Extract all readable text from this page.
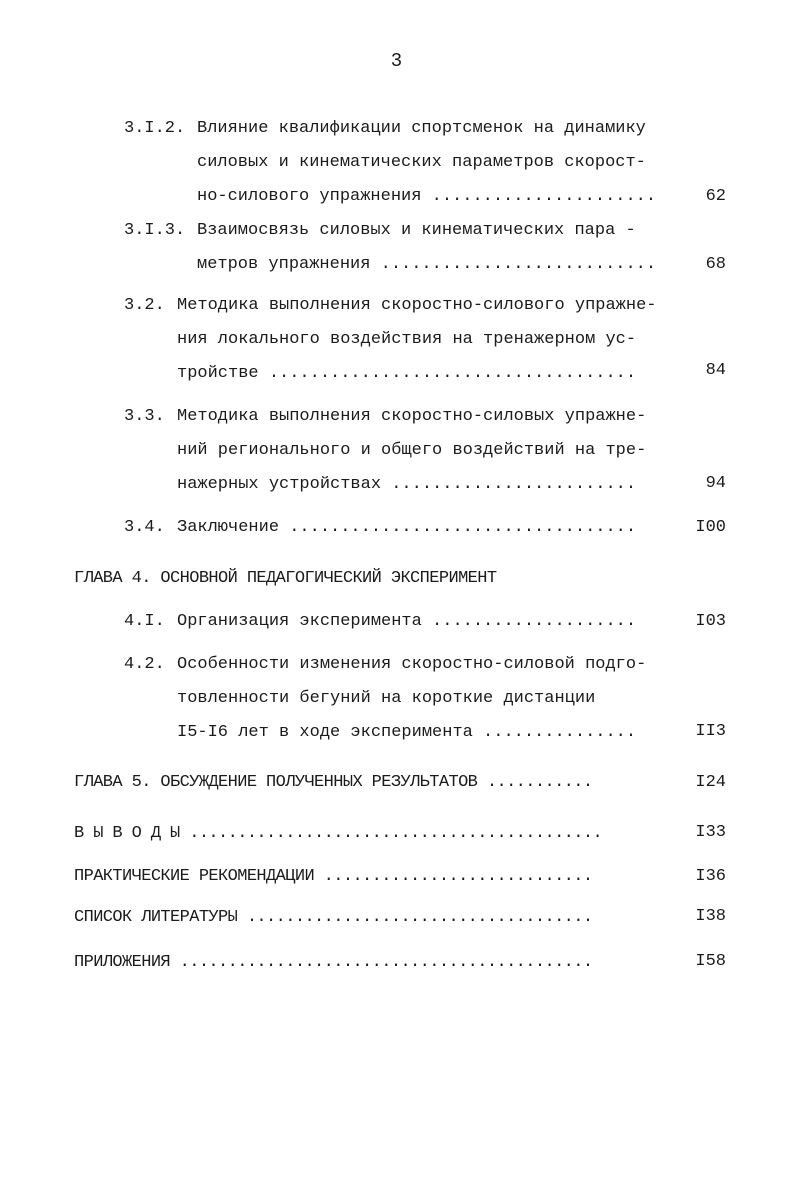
3
3.I.2. Влияние квалификации спортсменок на динамику
силовых и кинематических параметров скорост-
но-силового упражнения ......................	62
3.I.3. Взаимосвязь силовых и кинематических пара -
метров упражнения ...........................	68
3.2. Методика выполнения скоростно-силового упражне-
ния локального воздействия на тренажерном ус-
тройстве ....................................	84
3.3. Методика выполнения скоростно-силовых упражне-
ний регионального и общего воздействий на тре-
нажерных устройствах ........................	94
3.4. Заключение ..................................	I00
ГЛАВА 4. ОСНОВНОЙ ПЕДАГОГИЧЕСКИЙ ЭКСПЕРИМЕНТ
4.I. Организация эксперимента ....................	I03
4.2. Особенности изменения скоростно-силовой подго-
товленности бегуний на короткие дистанции
I5-I6 лет в ходе эксперимента ...............	II3
ГЛАВА 5. ОБСУЖДЕНИЕ ПОЛУЧЕННЫХ РЕЗУЛЬТАТОВ ...........	I24
В Ы В О Д Ы ...........................................	I33
ПРАКТИЧЕСКИЕ РЕКОМЕНДАЦИИ ............................	I36
СПИСОК ЛИТЕРАТУРЫ ....................................	I38
ПРИЛОЖЕНИЯ ...........................................	I58
